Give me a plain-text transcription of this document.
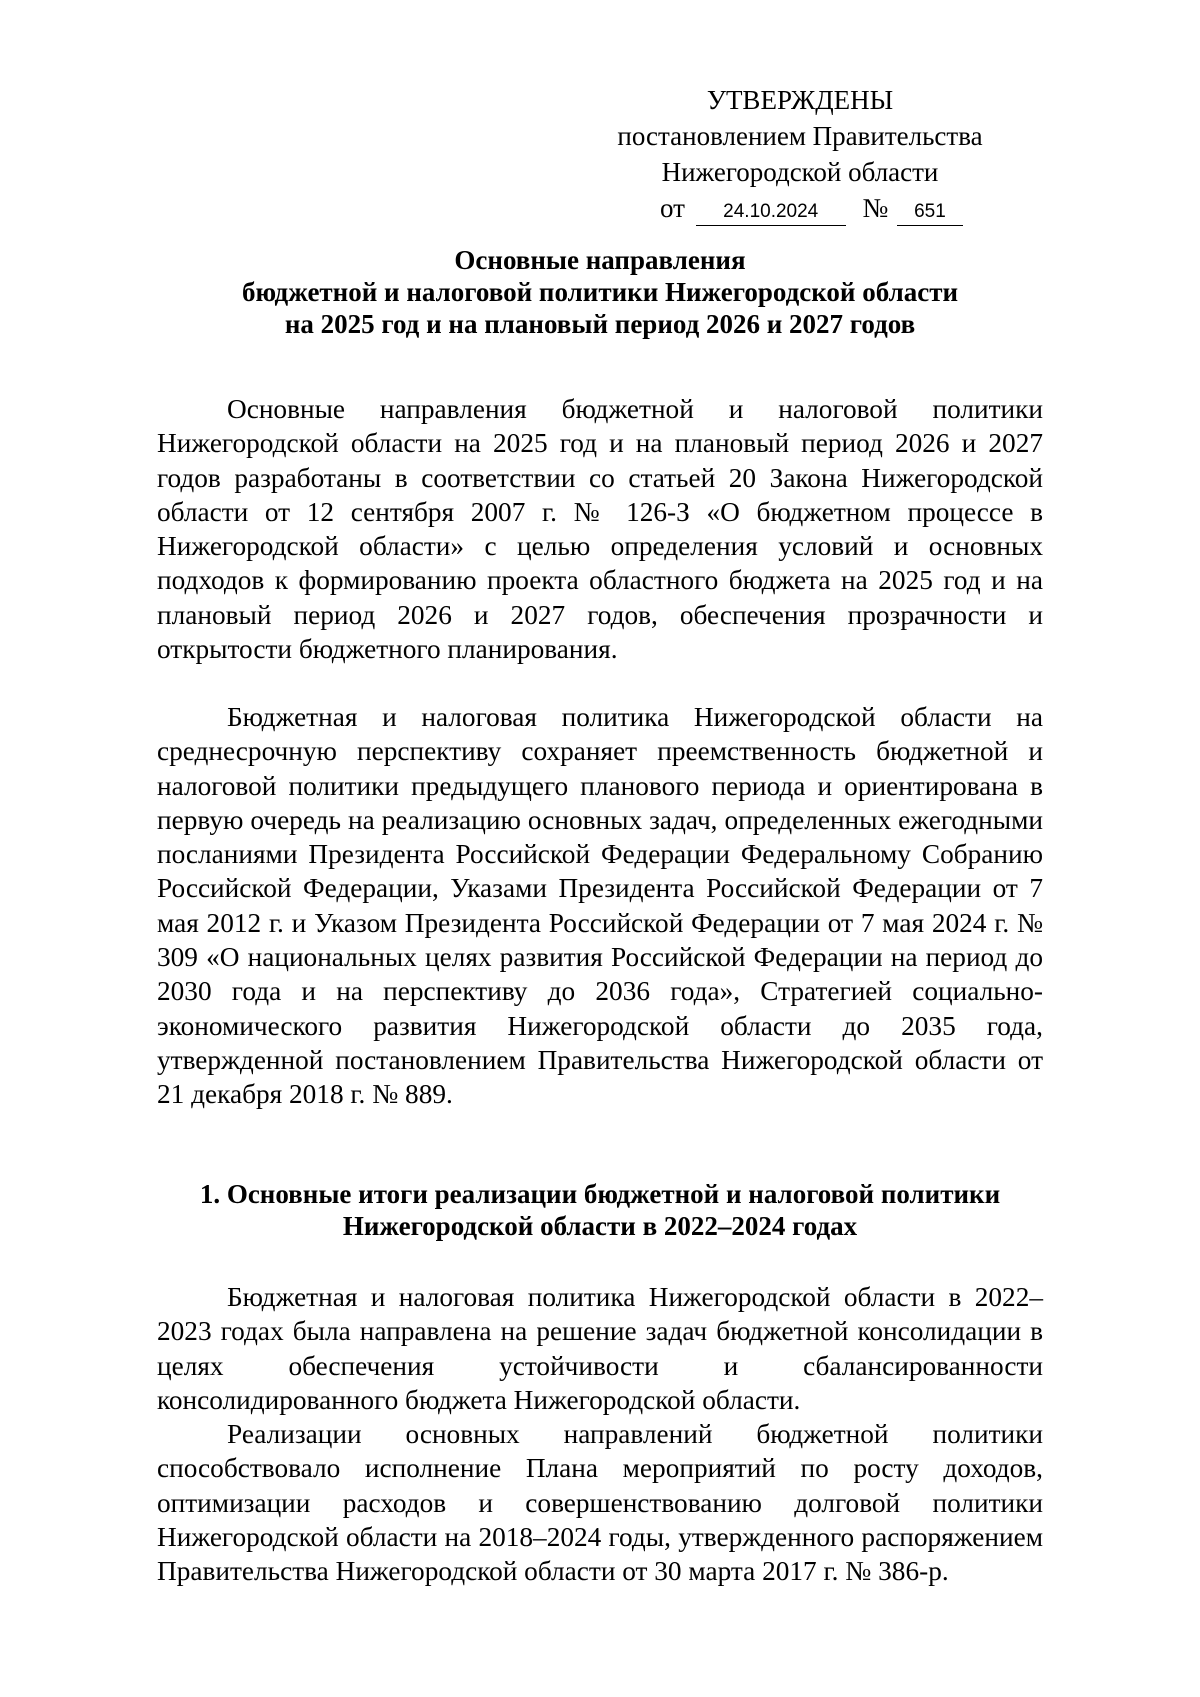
УТВЕРЖДЕНЫ
постановлением Правительства
Нижегородской области
от 24.10.2024 № 651
Основные направления
бюджетной и налоговой политики Нижегородской области
на 2025 год и на плановый период 2026 и 2027 годов

Основные направления бюджетной и налоговой политики Нижегородской области на 2025 год и на плановый период 2026 и 2027 годов разработаны в соответствии со статьей 20 Закона Нижегородской области от 12 сентября 2007 г. № 126-З «О бюджетном процессе в Нижегородской области» с целью определения условий и основных подходов к формированию проекта областного бюджета на 2025 год и на плановый период 2026 и 2027 годов, обеспечения прозрачности и открытости бюджетного планирования.

Бюджетная и налоговая политика Нижегородской области на среднесрочную перспективу сохраняет преемственность бюджетной и налоговой политики предыдущего планового периода и ориентирована в первую очередь на реализацию основных задач, определенных ежегодными посланиями Президента Российской Федерации Федеральному Собранию Российской Федерации, Указами Президента Российской Федерации от 7 мая 2012 г. и Указом Президента Российской Федерации от 7 мая 2024 г. № 309 «О национальных целях развития Российской Федерации на период до 2030 года и на перспективу до 2036 года», Стратегией социально-экономического развития Нижегородской области до 2035 года, утвержденной постановлением Правительства Нижегородской области от 21 декабря 2018 г. № 889.

1. Основные итоги реализации бюджетной и налоговой политики
Нижегородской области в 2022–2024 годах

Бюджетная и налоговая политика Нижегородской области в 2022–2023 годах была направлена на решение задач бюджетной консолидации в целях обеспечения устойчивости и сбалансированности консолидированного бюджета Нижегородской области.

Реализации основных направлений бюджетной политики способствовало исполнение Плана мероприятий по росту доходов, оптимизации расходов и совершенствованию долговой политики Нижегородской области на 2018–2024 годы, утвержденного распоряжением Правительства Нижегородской области от 30 марта 2017 г. № 386-р.
